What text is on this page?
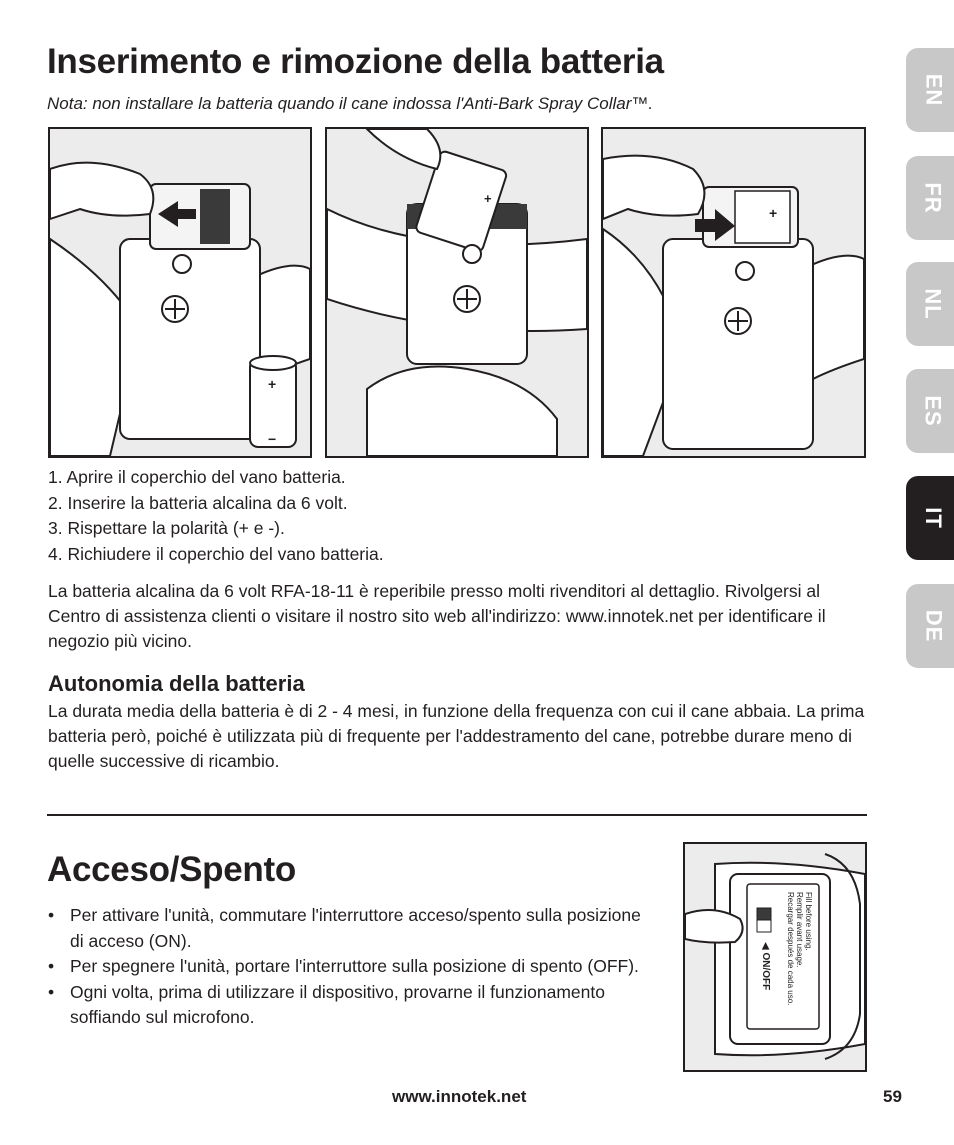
Inserimento e rimozione della batteria
Nota: non installare la batteria quando il cane indossa l'Anti-Bark Spray Collar™.
+
−
+
+
1. Aprire il coperchio del vano batteria.
2. Inserire la batteria alcalina da 6 volt.
3. Rispettare la polarità (+ e -).
4. Richiudere il coperchio del vano batteria.
La batteria alcalina da 6 volt RFA-18-11 è reperibile presso molti rivenditori al dettaglio. Rivolgersi al Centro di assistenza clienti o visitare il nostro sito web all'indirizzo: www.innotek.net per identificare il negozio più vicino.
Autonomia della batteria
La durata media della batteria è di 2 - 4 mesi, in funzione della frequenza con cui il cane abbaia. La prima batteria però, poiché è utilizzata più di frequente per l'addestramento del cane, potrebbe durare meno di quelle successive di ricambio.
Acceso/Spento
• Per attivare l'unità, commutare l'interruttore acceso/spento sulla posizione di acceso (ON).
• Per spegnere l'unità, portare l'interruttore sulla posizione di spento (OFF).
• Ogni volta, prima di utilizzare il dispositivo, provarne il funzionamento soffiando sul microfono.
Fill before using.
Remplir avant usage.
Recargar después de cada uso.
◀ ON/OFF
EN
FR
NL
ES
IT
DE
www.innotek.net	59
